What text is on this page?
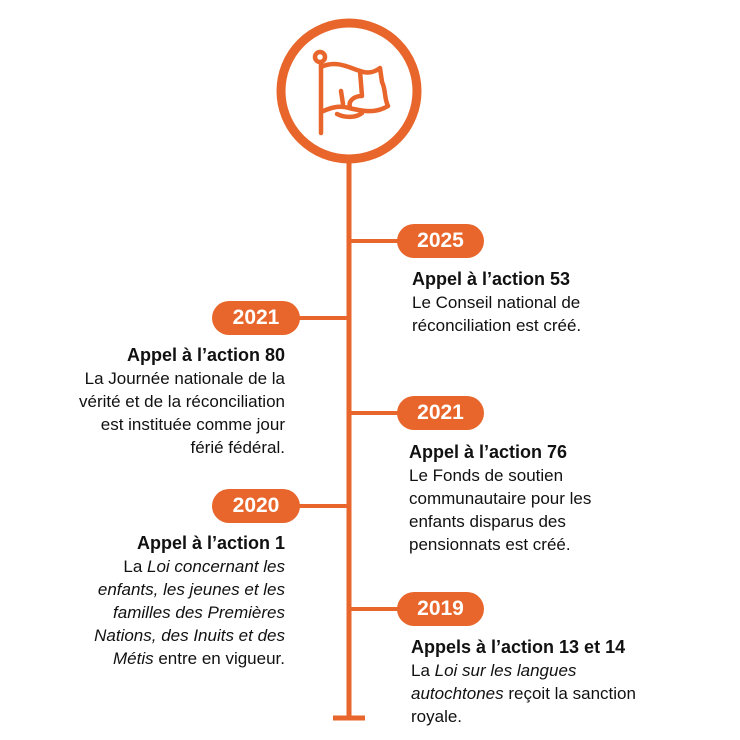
2025
2021
2021
2020
2019
Appel à l’action 53
Le Conseil national de réconciliation est créé.
Appel à l’action 80
La Journée nationale de la vérité et de la réconciliation est instituée comme jour férié fédéral.	Appel à l’action 76
Le Fonds de soutien communautaire pour les enfants disparus des pensionnats est créé.
Appel à l’action 1
La Loi concernant les enfants, les jeunes et les familles des Premières Nations, des Inuits et des Métis entre en vigueur.
Appels à l’action 13 et 14
La Loi sur les langues autochtones reçoit la sanction royale.
